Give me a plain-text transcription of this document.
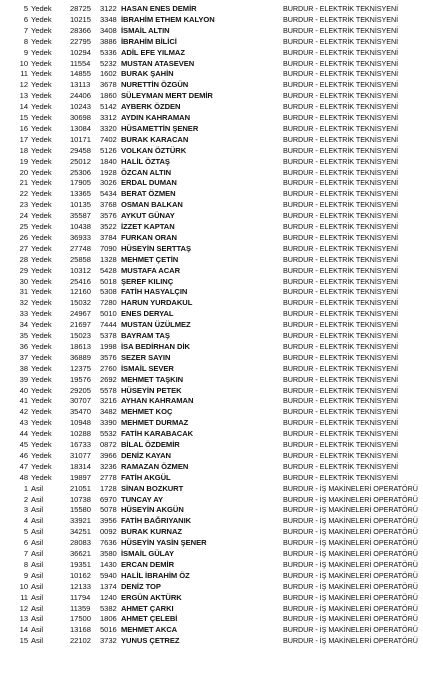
5 Yedek	28725	3122 HASAN ENES DEMİR	BURDUR - ELEKTRİK TEKNİSYENİ
6 Yedek	10215	3348 İBRAHİM ETHEM KALYON	BURDUR - ELEKTRİK TEKNİSYENİ
7 Yedek	28366	3408 İSMAİL ALTIN	BURDUR - ELEKTRİK TEKNİSYENİ
8 Yedek	22795	3886 İBRAHİM BİLİCİ	BURDUR - ELEKTRİK TEKNİSYENİ
9 Yedek	10294	5336 ADİL EFE YILMAZ	BURDUR - ELEKTRİK TEKNİSYENİ
10 Yedek	11554	5232 MUSTAN ATASEVEN	BURDUR - ELEKTRİK TEKNİSYENİ
11 Yedek	14855	1602 BURAK ŞAHİN	BURDUR - ELEKTRİK TEKNİSYENİ
12 Yedek	13113	3678 NURETTİN ÖZGÜN	BURDUR - ELEKTRİK TEKNİSYENİ
13 Yedek	24406	1860 SÜLEYMAN MERT DEMİR	BURDUR - ELEKTRİK TEKNİSYENİ
14 Yedek	10243	5142 AYBERK ÖZDEN	BURDUR - ELEKTRİK TEKNİSYENİ
15 Yedek	30698	3312 AYDIN KAHRAMAN	BURDUR - ELEKTRİK TEKNİSYENİ
16 Yedek	13084	3320 HÜSAMETTİN ŞENER	BURDUR - ELEKTRİK TEKNİSYENİ
17 Yedek	10171	7402 BURAK KARACAN	BURDUR - ELEKTRİK TEKNİSYENİ
18 Yedek	29458	5126 VOLKAN ÖZTÜRK	BURDUR - ELEKTRİK TEKNİSYENİ
19 Yedek	25012	1840 HALİL ÖZTAŞ	BURDUR - ELEKTRİK TEKNİSYENİ
20 Yedek	25306	1928 ÖZCAN ALTIN	BURDUR - ELEKTRİK TEKNİSYENİ
21 Yedek	17905	3026 ERDAL DUMAN	BURDUR - ELEKTRİK TEKNİSYENİ
22 Yedek	13365	5434 BERAT ÖZMEN	BURDUR - ELEKTRİK TEKNİSYENİ
23 Yedek	10135	3768 OSMAN BALKAN	BURDUR - ELEKTRİK TEKNİSYENİ
24 Yedek	35587	3576 AYKUT GÜNAY	BURDUR - ELEKTRİK TEKNİSYENİ
25 Yedek	10438	3522 İZZET KAPTAN	BURDUR - ELEKTRİK TEKNİSYENİ
26 Yedek	36933	3784 FURKAN ORAN	BURDUR - ELEKTRİK TEKNİSYENİ
27 Yedek	27748	7090 HÜSEYİN SERTTAŞ	BURDUR - ELEKTRİK TEKNİSYENİ
28 Yedek	25858	1328 MEHMET ÇETİN	BURDUR - ELEKTRİK TEKNİSYENİ
29 Yedek	10312	5428 MUSTAFA ACAR	BURDUR - ELEKTRİK TEKNİSYENİ
30 Yedek	25416	5018 ŞEREF KILINÇ	BURDUR - ELEKTRİK TEKNİSYENİ
31 Yedek	12160	5308 FATİH HASYALÇIN	BURDUR - ELEKTRİK TEKNİSYENİ
32 Yedek	15032	7280 HARUN YURDAKUL	BURDUR - ELEKTRİK TEKNİSYENİ
33 Yedek	24967	5010 ENES DERYAL	BURDUR - ELEKTRİK TEKNİSYENİ
34 Yedek	21697	7444 MUSTAN ÜZÜLMEZ	BURDUR - ELEKTRİK TEKNİSYENİ
35 Yedek	15023	5378 BAYRAM TAŞ	BURDUR - ELEKTRİK TEKNİSYENİ
36 Yedek	18613	1998 İSA BEDİRHAN DİK	BURDUR - ELEKTRİK TEKNİSYENİ
37 Yedek	36889	3576 SEZER SAYIN	BURDUR - ELEKTRİK TEKNİSYENİ
38 Yedek	12375	2760 İSMAİL SEVER	BURDUR - ELEKTRİK TEKNİSYENİ
39 Yedek	19576	2692 MEHMET TAŞKIN	BURDUR - ELEKTRİK TEKNİSYENİ
40 Yedek	29205	5578 HÜSEYİN PETEK	BURDUR - ELEKTRİK TEKNİSYENİ
41 Yedek	30707	3216 AYHAN KAHRAMAN	BURDUR - ELEKTRİK TEKNİSYENİ
42 Yedek	35470	3482 MEHMET KOÇ	BURDUR - ELEKTRİK TEKNİSYENİ
43 Yedek	10948	3390 MEHMET DURMAZ	BURDUR - ELEKTRİK TEKNİSYENİ
44 Yedek	10288	5532 FATİH KARABACAK	BURDUR - ELEKTRİK TEKNİSYENİ
45 Yedek	16733	0872 BİLAL ÖZDEMİR	BURDUR - ELEKTRİK TEKNİSYENİ
46 Yedek	31077	3966 DENİZ KAYAN	BURDUR - ELEKTRİK TEKNİSYENİ
47 Yedek	18314	3236 RAMAZAN ÖZMEN	BURDUR - ELEKTRİK TEKNİSYENİ
48 Yedek	19897	2778 FATİH AKGÜL	BURDUR - ELEKTRİK TEKNİSYENİ
1 Asil	21051	1728 SİNAN BOZKURT	BURDUR - İŞ MAKİNELERİ OPERATÖRÜ
2 Asil	10738	6970 TUNCAY AY	BURDUR - İŞ MAKİNELERİ OPERATÖRÜ
3 Asil	15580	5078 HÜSEYİN AKGÜN	BURDUR - İŞ MAKİNELERİ OPERATÖRÜ
4 Asil	33921	3956 FATİH BAĞRIYANIK	BURDUR - İŞ MAKİNELERİ OPERATÖRÜ
5 Asil	34251	0092 BURAK KURNAZ	BURDUR - İŞ MAKİNELERİ OPERATÖRÜ
6 Asil	28083	7636 HÜSEYİN YASİN ŞENER	BURDUR - İŞ MAKİNELERİ OPERATÖRÜ
7 Asil	36621	3580 İSMAİL GÜLAY	BURDUR - İŞ MAKİNELERİ OPERATÖRÜ
8 Asil	19351	1430 ERCAN DEMİR	BURDUR - İŞ MAKİNELERİ OPERATÖRÜ
9 Asil	10162	5940 HALİL İBRAHİM ÖZ	BURDUR - İŞ MAKİNELERİ OPERATÖRÜ
10 Asil	12133	1374 DENİZ TOP	BURDUR - İŞ MAKİNELERİ OPERATÖRÜ
11 Asil	11794	1240 ERGÜN AKTÜRK	BURDUR - İŞ MAKİNELERİ OPERATÖRÜ
12 Asil	11359	5382 AHMET ÇARKI	BURDUR - İŞ MAKİNELERİ OPERATÖRÜ
13 Asil	17500	1806 AHMET ÇELEBİ	BURDUR - İŞ MAKİNELERİ OPERATÖRÜ
14 Asil	13168	5016 MEHMET AKCA	BURDUR - İŞ MAKİNELERİ OPERATÖRÜ
15 Asil	22102	3732 YUNUS ÇETREZ	BURDUR - İŞ MAKİNELERİ OPERATÖRÜ
